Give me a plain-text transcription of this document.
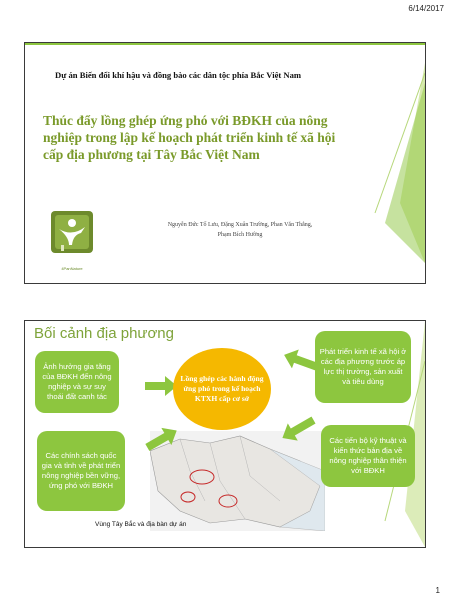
6/14/2017
Dự án Biến đổi khí hậu và đồng bào các dân tộc phía Bắc Việt Nam
Thúc đẩy lồng ghép ứng phó với BĐKH của nông nghiệp trong lập kế hoạch phát triển kinh tế xã hội cấp địa phương tại Tây Bắc Việt Nam
4PanNature
Nguyễn Đức Tố Lưu, Đặng Xuân Trường, Phan Văn Thắng,
Phạm Bích Hường
Bối cảnh địa phương
Lồng ghép các hành động ứng phó trong kế hoạch KTXH cấp cơ sở
Ảnh hưởng gia tăng của BĐKH đến nông nghiệp và sự suy thoái đất canh tác
Các chính sách quốc gia và tỉnh về phát triển nông nghiệp bền vững, ứng phó với BĐKH
Phát triển kinh tế xã hội ở các địa phương trước áp lực thị trường, sản xuất và tiêu dùng
Các tiến bộ kỹ thuật và kiến thức bản địa về nông nghiệp thân thiện với BĐKH
Vùng Tây Bắc và địa bàn dự án
1
